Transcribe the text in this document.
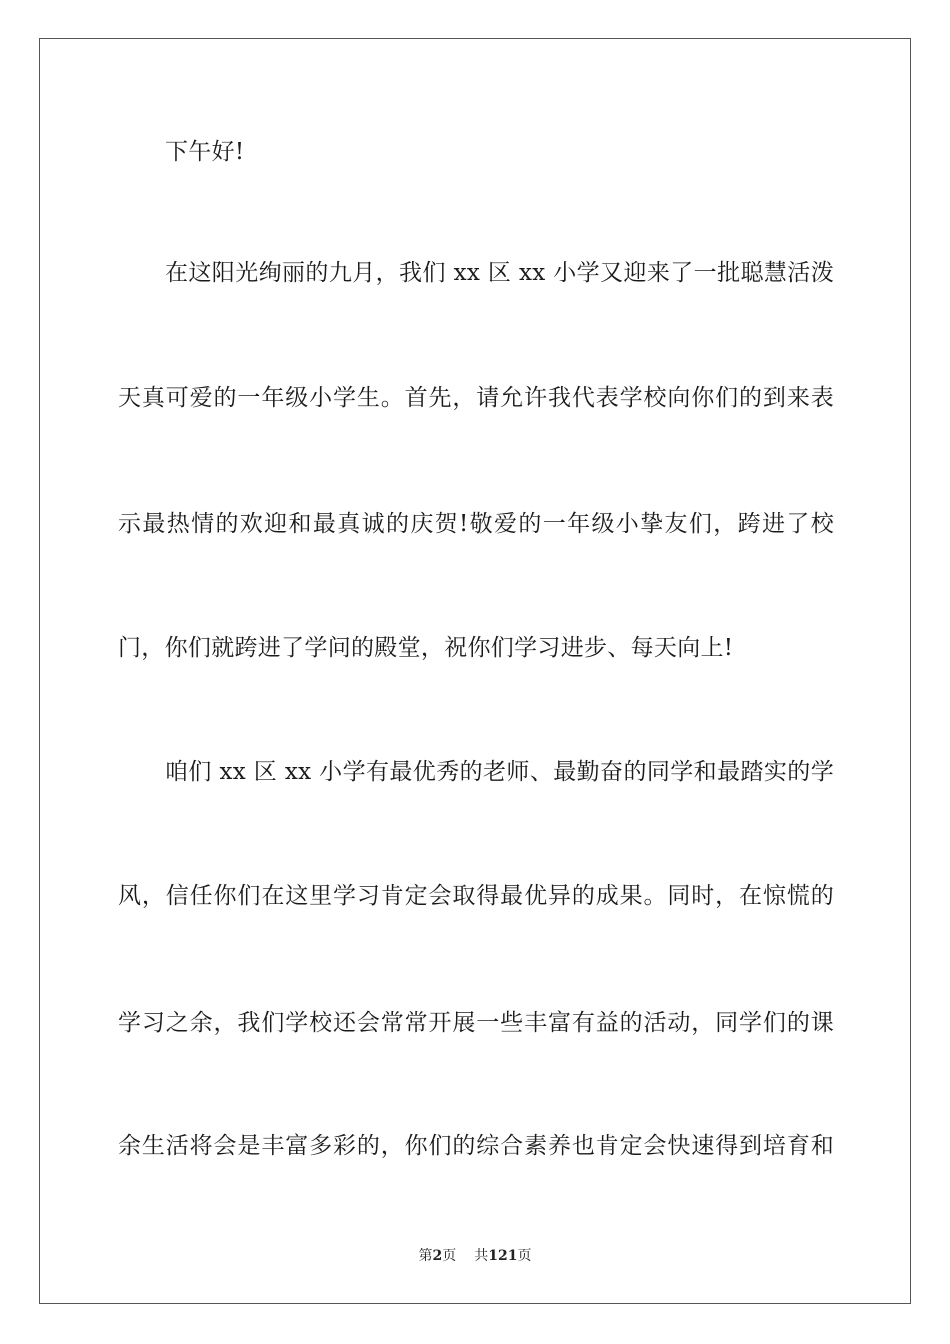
下午好!
在这阳光绚丽的九月，我们 xx 区 xx 小学又迎来了一批聪慧活泼
天真可爱的一年级小学生。首先，请允许我代表学校向你们的到来表
示最热情的欢迎和最真诚的庆贺!敬爱的一年级小挚友们，跨进了校
门，你们就跨进了学问的殿堂，祝你们学习进步、每天向上!
咱们 xx 区 xx 小学有最优秀的老师、最勤奋的同学和最踏实的学
风，信任你们在这里学习肯定会取得最优异的成果。同时，在惊慌的
学习之余，我们学校还会常常开展一些丰富有益的活动，同学们的课
余生活将会是丰富多彩的，你们的综合素养也肯定会快速得到培育和
第2页 共121页
